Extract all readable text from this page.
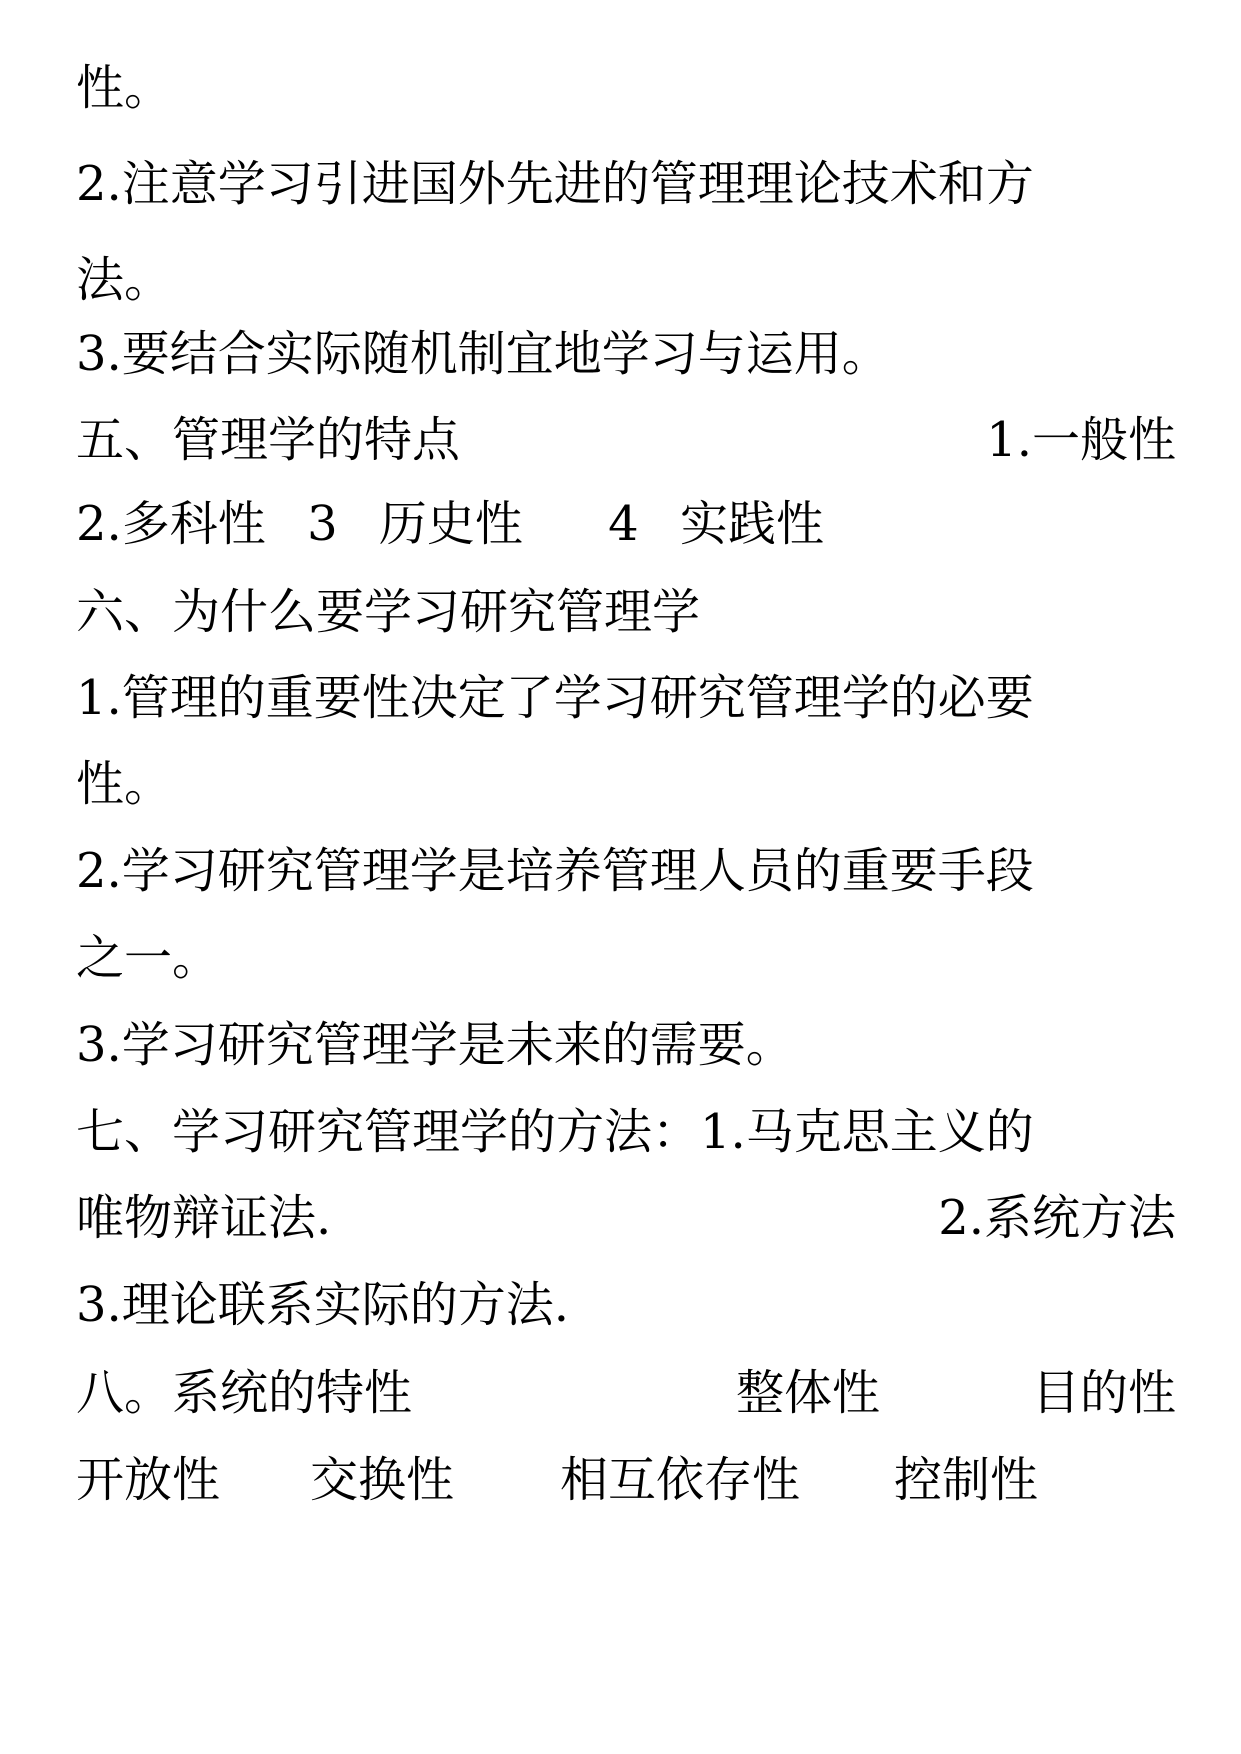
性。
2.注意学习引进国外先进的管理理论技术和方
法。
3.要结合实际随机制宜地学习与运用。
五、管理学的特点	1.一般性
2.多科性 3 历史性 4 实践性
六、为什么要学习研究管理学
1.管理的重要性决定了学习研究管理学的必要
性。
2.学习研究管理学是培养管理人员的重要手段
之一。
3.学习研究管理学是未来的需要。
七、学习研究管理学的方法：1.马克思主义的
唯物辩证法.	2.系统方法
3.理论联系实际的方法.
八。系统的特性	整体性	目的性
开放性 交换性 相互依存性 控制性
